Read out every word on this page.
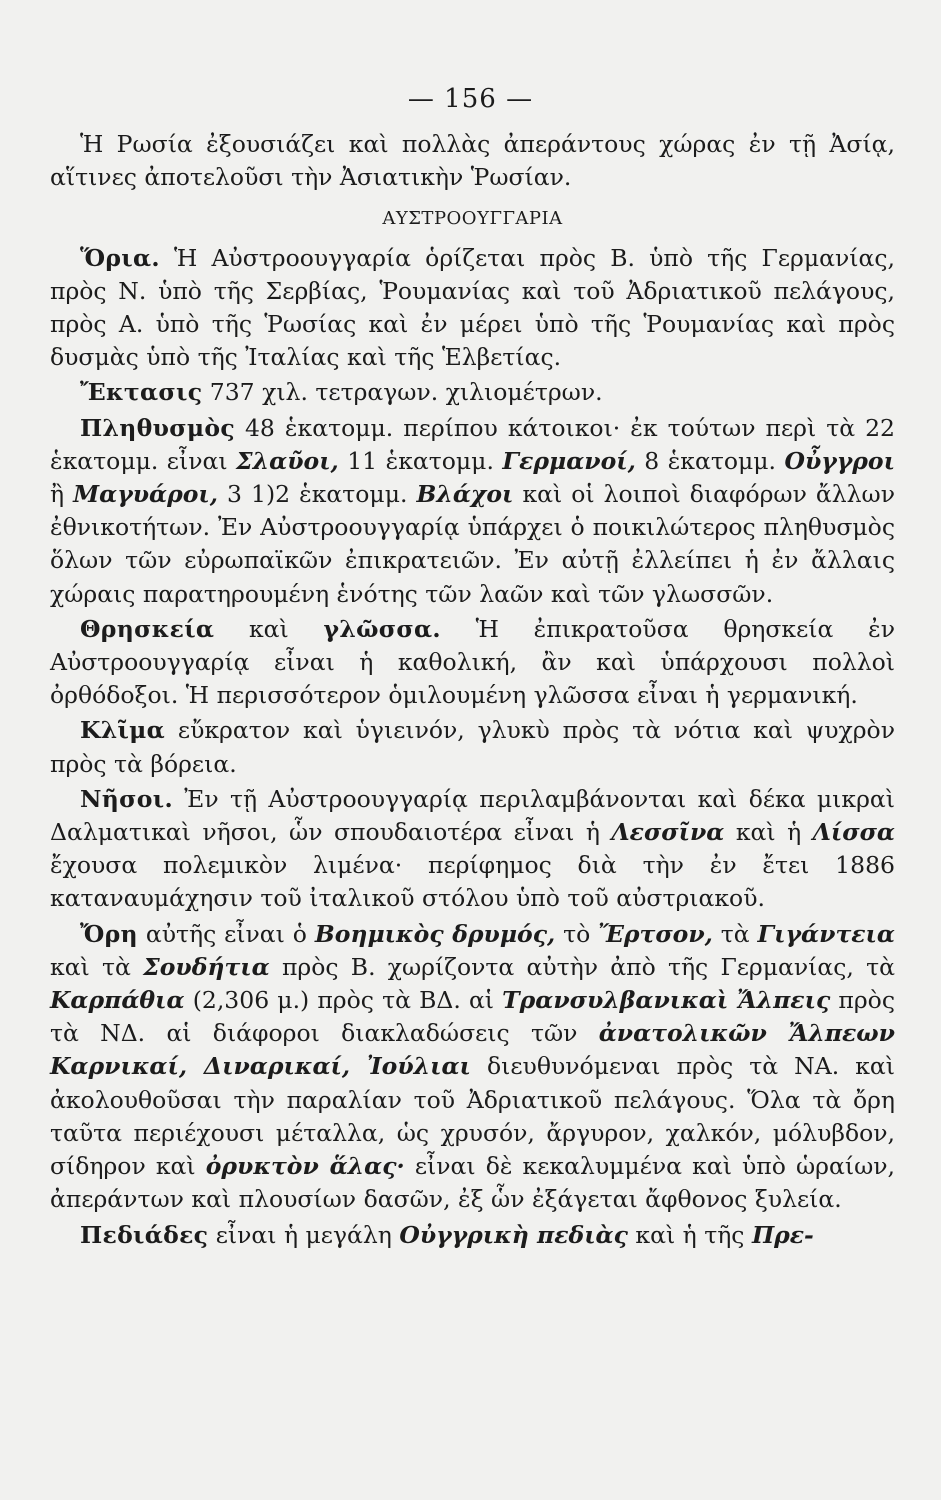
— 156 —

Ἡ Ρωσία ἐξουσιάζει καὶ πολλὰς ἀπεράντους χώρας ἐν τῇ Ἀσίᾳ, αἵτινες ἀποτελοῦσι τὴν Ἀσιατικὴν Ῥωσίαν.

ΑΥΣΤΡΟΟΥΓΓΑΡΙΑ

Ὅρια. Ἡ Αὐστροουγγαρία ὁρίζεται πρὸς Β. ὑπὸ τῆς Γερμανίας, πρὸς Ν. ὑπὸ τῆς Σερβίας, Ῥουμανίας καὶ τοῦ Ἀδριατικοῦ πελάγους, πρὸς Α. ὑπὸ τῆς Ῥωσίας καὶ ἐν μέρει ὑπὸ τῆς Ῥουμανίας καὶ πρὸς δυσμὰς ὑπὸ τῆς Ἰταλίας καὶ τῆς Ἑλβετίας.

Ἔκτασις 737 χιλ. τετραγων. χιλιομέτρων.

Πληθυσμὸς 48 ἑκατομμ. περίπου κάτοικοι· ἐκ τούτων περὶ τὰ 22 ἑκατομμ. εἶναι Σλαῦοι, 11 ἑκατομμ. Γερμανοί, 8 ἑκατομμ. Οὖγγροι ἢ Μαγυάροι, 3 1)2 ἑκατομμ. Βλάχοι καὶ οἱ λοιποὶ διαφόρων ἄλλων ἐθνικοτήτων. Ἐν Αὐστροουγγαρίᾳ ὑπάρχει ὁ ποικιλώτερος πληθυσμὸς ὅλων τῶν εὐρωπαϊκῶν ἐπικρατειῶν. Ἐν αὐτῇ ἐλλείπει ἡ ἐν ἄλλαις χώραις παρατηρουμένη ἑνότης τῶν λαῶν καὶ τῶν γλωσσῶν.

Θρησκεία καὶ γλῶσσα. Ἡ ἐπικρατοῦσα θρησκεία ἐν Αὐστροουγγαρίᾳ εἶναι ἡ καθολική, ἂν καὶ ὑπάρχουσι πολλοὶ ὀρθόδοξοι. Ἡ περισσότερον ὁμιλουμένη γλῶσσα εἶναι ἡ γερμανική.

Κλῖμα εὔκρατον καὶ ὑγιεινόν, γλυκὺ πρὸς τὰ νότια καὶ ψυχρὸν πρὸς τὰ βόρεια.

Νῆσοι. Ἐν τῇ Αὐστροουγγαρίᾳ περιλαμβάνονται καὶ δέκα μικραὶ Δαλματικαὶ νῆσοι, ὧν σπουδαιοτέρα εἶναι ἡ Λεσσῖνα καὶ ἡ Λίσσα ἔχουσα πολεμικὸν λιμένα· περίφημος διὰ τὴν ἐν ἔτει 1886 καταναυμάχησιν τοῦ ἰταλικοῦ στόλου ὑπὸ τοῦ αὐστριακοῦ.

Ὄρη αὐτῆς εἶναι ὁ Βοημικὸς δρυμός, τὸ Ἔρτσον, τὰ Γιγάντεια καὶ τὰ Σουδήτια πρὸς Β. χωρίζοντα αὐτὴν ἀπὸ τῆς Γερμανίας, τὰ Καρπάθια (2,306 μ.) πρὸς τὰ ΒΔ. αἱ Τρανσυλβανικαὶ Ἄλπεις πρὸς τὰ ΝΔ. αἱ διάφοροι διακλαδώσεις τῶν ἀνατολικῶν Ἄλπεων Καρνικαί, Διναρικαί, Ἰούλιαι διευθυνόμεναι πρὸς τὰ ΝΑ. καὶ ἀκολουθοῦσαι τὴν παραλίαν τοῦ Ἀδριατικοῦ πελάγους. Ὅλα τὰ ὄρη ταῦτα περιέχουσι μέταλλα, ὡς χρυσόν, ἄργυρον, χαλκόν, μόλυβδον, σίδηρον καὶ ὀρυκτὸν ἅλας· εἶναι δὲ κεκαλυμμένα καὶ ὑπὸ ὡραίων, ἀπεράντων καὶ πλουσίων δασῶν, ἐξ ὧν ἐξάγεται ἄφθονος ξυλεία.

Πεδιάδες εἶναι ἡ μεγάλη Οὐγγρικὴ πεδιὰς καὶ ἡ τῆς Πρε-
